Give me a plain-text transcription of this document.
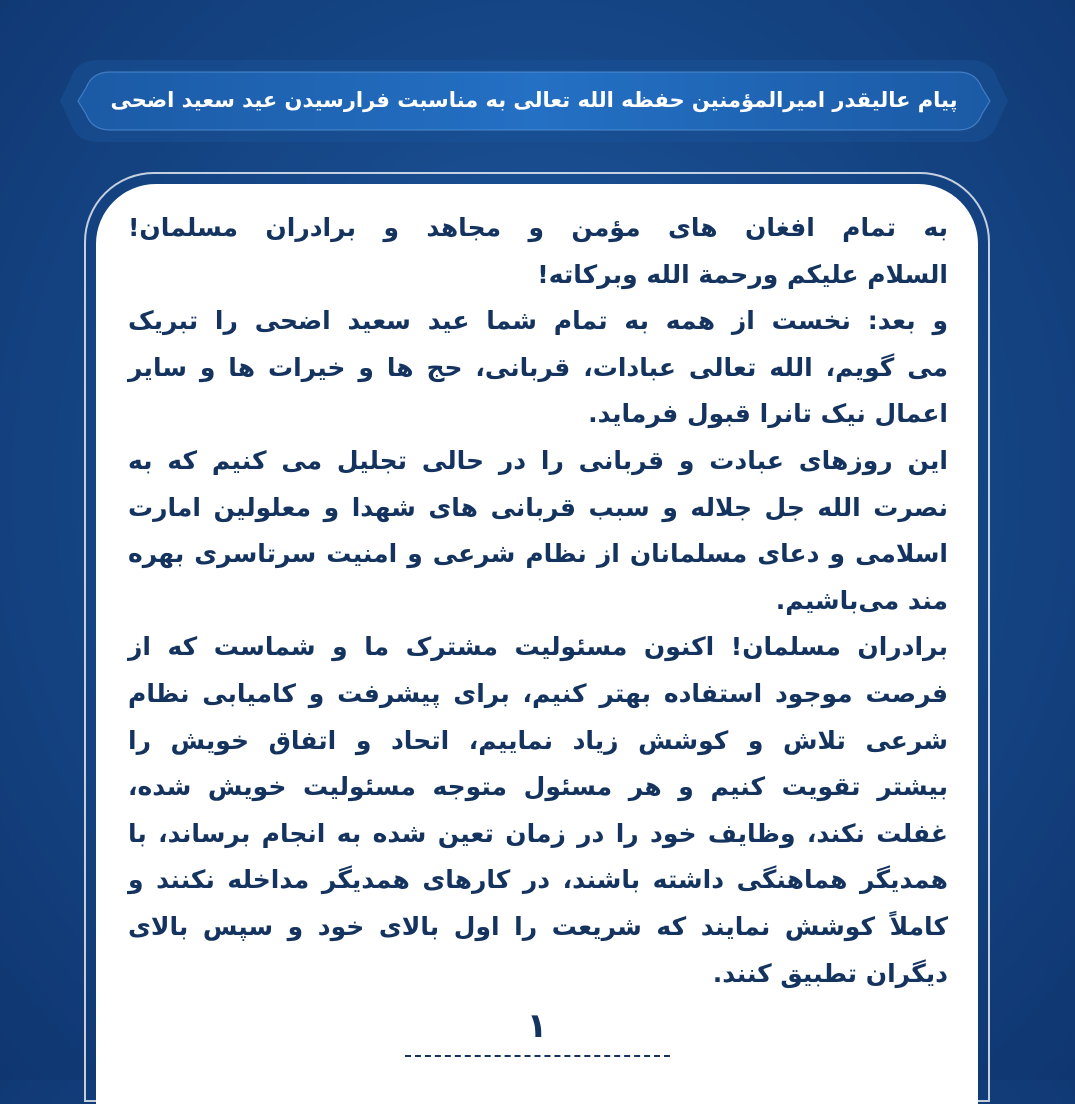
پیام عالیقدر امیرالمؤمنین حفظه الله تعالی به مناسبت فرارسیدن عید سعید اضحی
به تمام افغان های مؤمن و مجاهد و برادران مسلمان!
السلام علیکم ورحمة الله وبرکاته!
و بعد: نخست از همه به تمام شما عید سعید اضحی را تبریک
می گویم، الله تعالی عبادات، قربانی، حج ها و خیرات ها و سایر
اعمال نیک تانرا قبول فرماید.
این روزهای عبادت و قربانی را در حالی تجلیل می کنیم که به
نصرت الله جل جلاله و سبب قربانی های شهدا و معلولین امارت
اسلامی و دعای مسلمانان از نظام شرعی و امنیت سرتاسری بهره
مند می‌باشیم.
برادران مسلمان! اکنون مسئولیت مشترک ما و شماست که از
فرصت موجود استفاده بهتر کنیم، برای پیشرفت و کامیابی نظام
شرعی تلاش و کوشش زیاد نماییم، اتحاد و اتفاق خویش را
بیشتر تقویت کنیم و هر مسئول متوجه مسئولیت خویش شده،
غفلت نکند، وظایف خود را در زمان تعین شده به انجام برساند، با
همدیگر هماهنگی داشته باشند، در کارهای همدیگر مداخله نکنند و
کاملاً کوشش نمایند که شریعت را اول بالای خود و سپس بالای
دیگران تطبیق کنند.
۱
